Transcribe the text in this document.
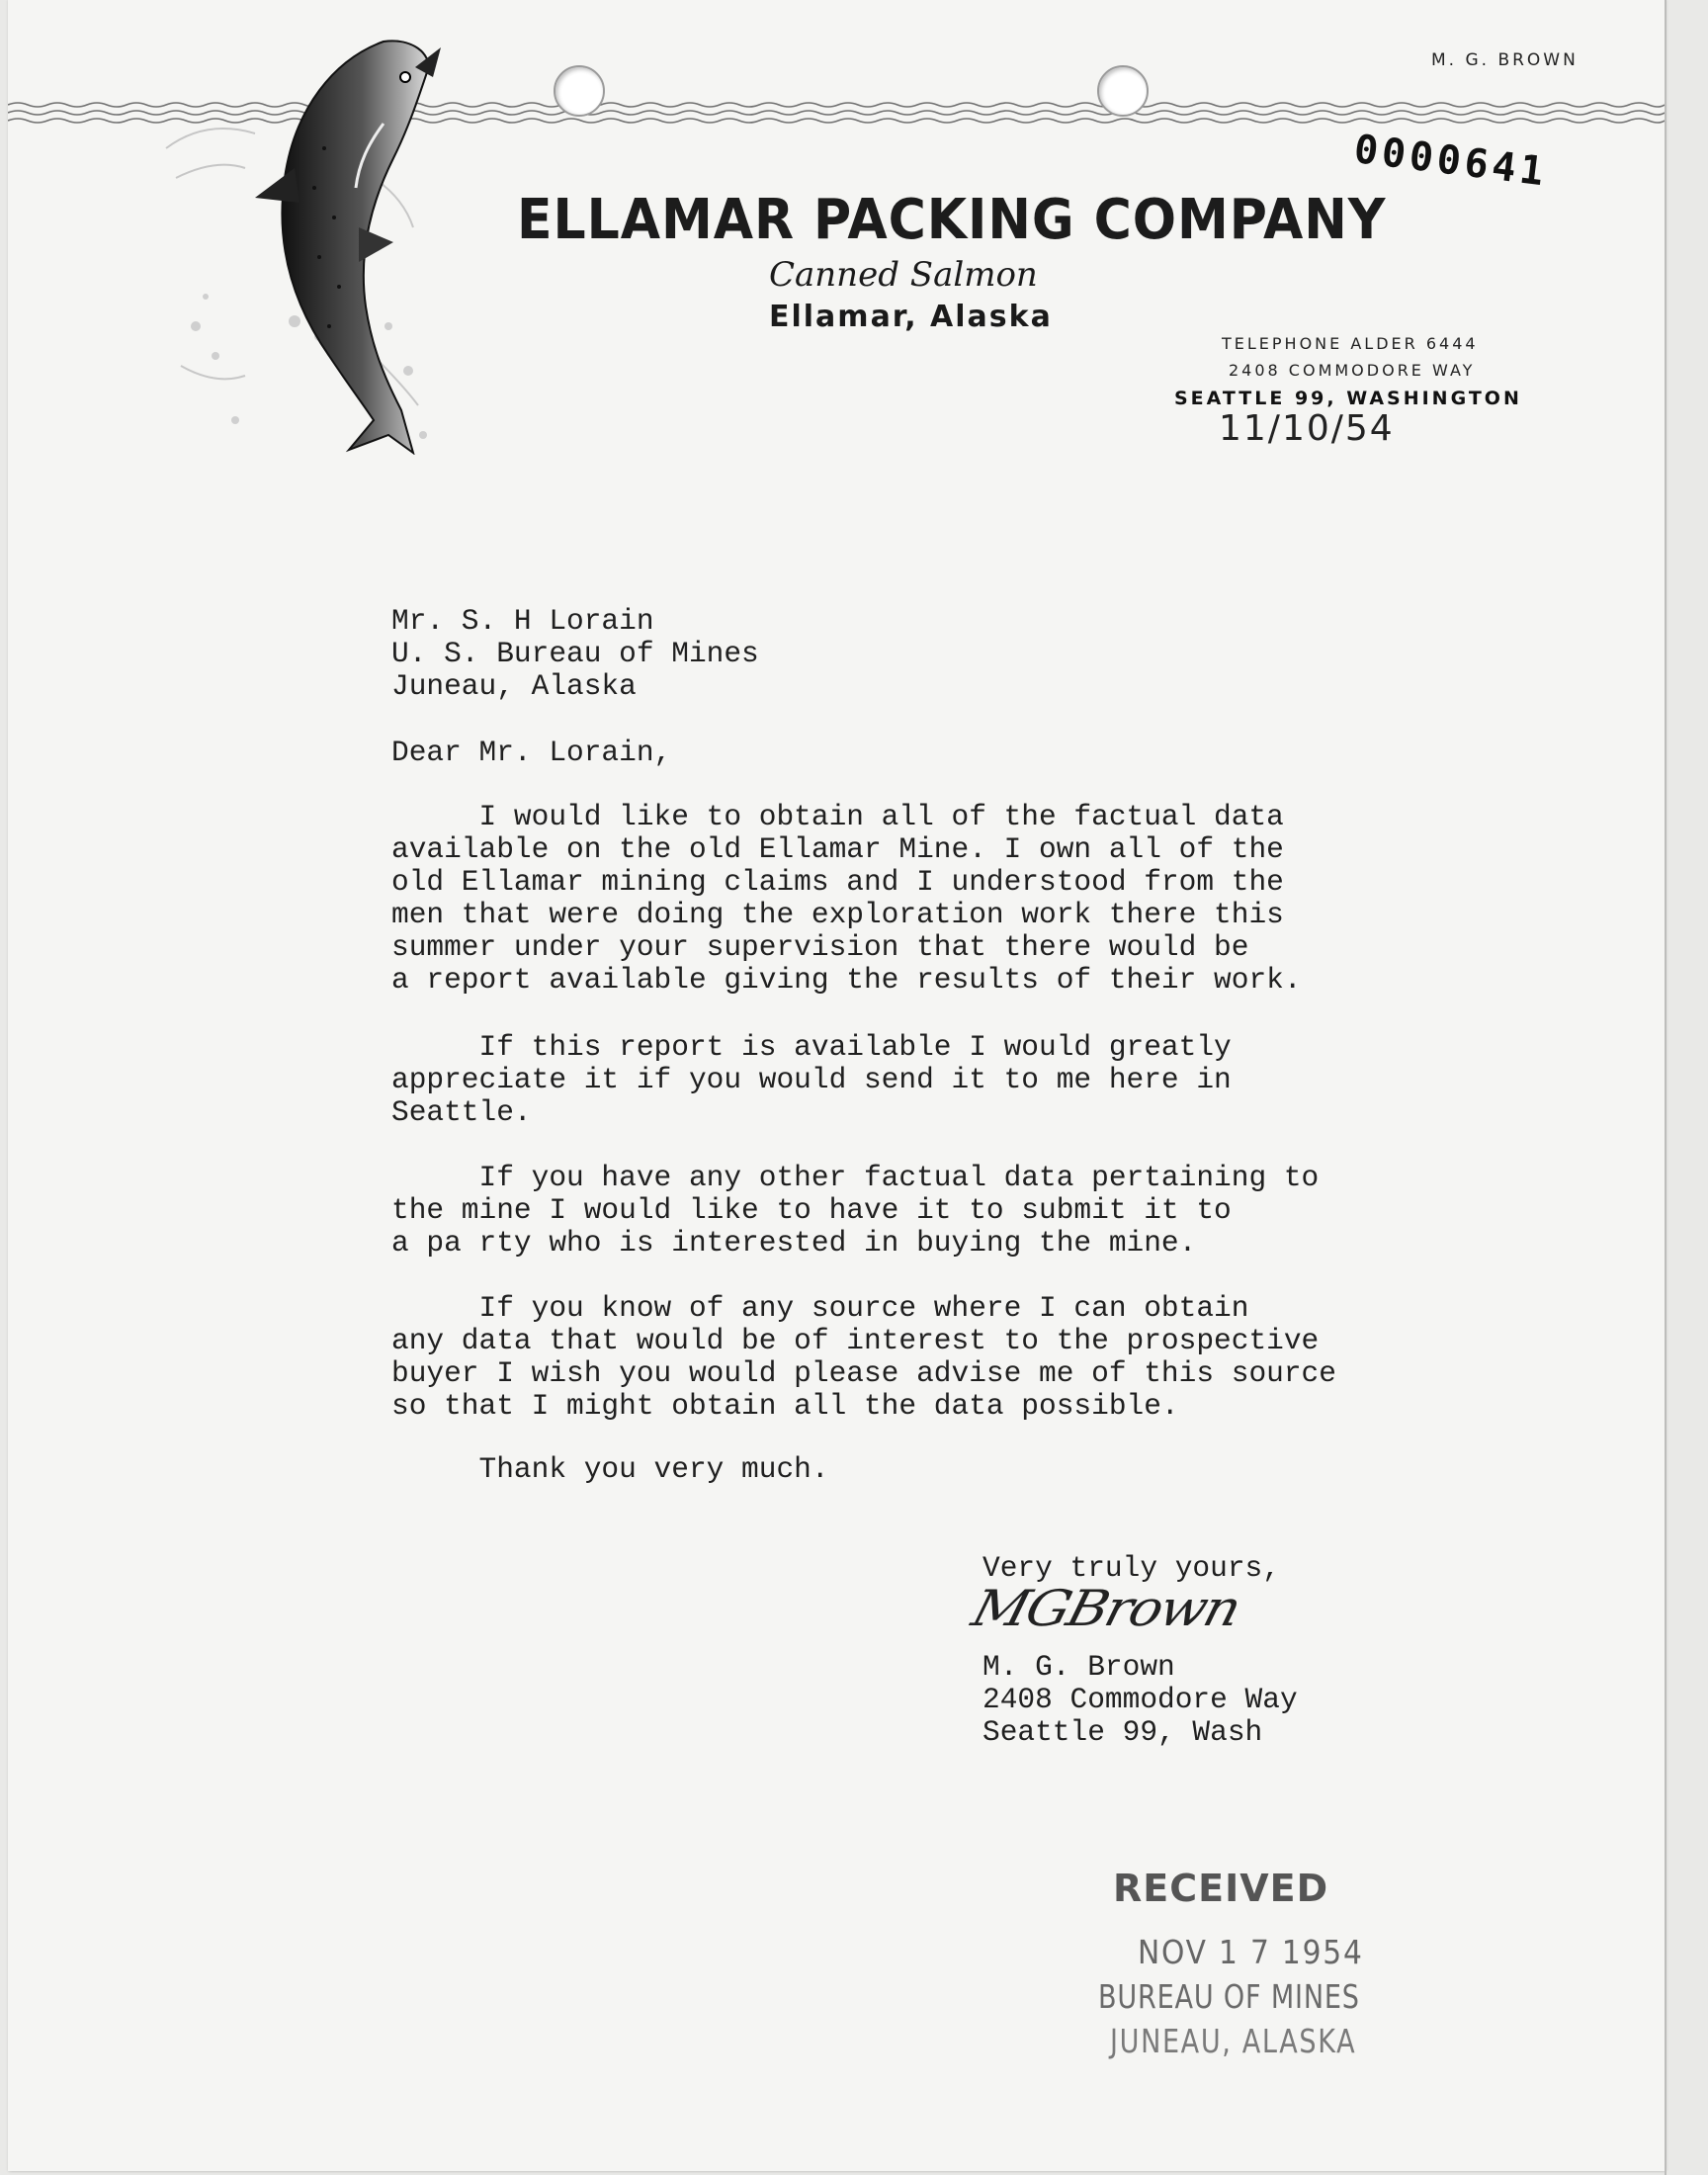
M. G. BROWN
0000641
ELLAMAR PACKING COMPANY
Canned Salmon
Ellamar, Alaska
TELEPHONE ALDER 6444
2408 COMMODORE WAY
SEATTLE 99, WASHINGTON
11/10/54
Mr. S. H Lorain
U. S. Bureau of Mines
Juneau, Alaska
Dear Mr. Lorain,
I would like to obtain all of the factual data
available on the old Ellamar Mine. I own all of the
old Ellamar mining claims and I understood from the
men that were doing the exploration work there this
summer under your supervision that there would be
a report available giving the results of their work.
If this report is available I would greatly
appreciate it if you would send it to me here in
Seattle.
If you have any other factual data pertaining to
the mine I would like to have it to submit it to
a pa rty who is interested in buying the mine.
If you know of any source where I can obtain
any data that would be of interest to the prospective
buyer I wish you would please advise me of this source
so that I might obtain all the data possible.
Thank you very much.
Very truly yours,
MGBrown
M. G. Brown
2408 Commodore Way
Seattle 99, Wash
RECEIVED
NOV 1 7 1954
BUREAU OF MINES
JUNEAU, ALASKA
